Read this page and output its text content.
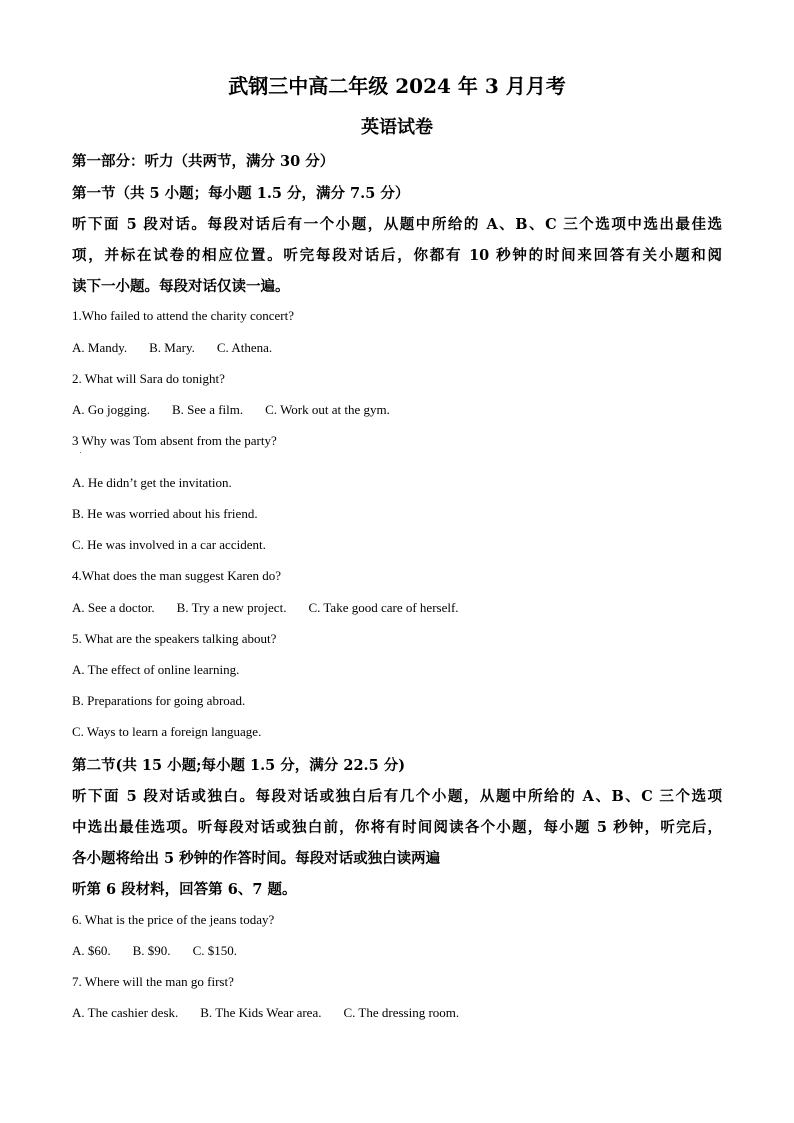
武钢三中高二年级 2024 年 3 月月考
英语试卷
第一部分：听力（共两节，满分 30 分）
第一节（共 5 小题；每小题 1.5 分，满分 7.5 分）
听下面 5 段对话。每段对话后有一个小题，从题中所给的 A、B、C 三个选项中选出最佳选
项，并标在试卷的相应位置。听完每段对话后，你都有 10 秒钟的时间来回答有关小题和阅
读下一小题。每段对话仅读一遍。
1.Who failed to attend the charity concert?
A. Mandy. B. Mary. C. Athena.
2. What will Sara do tonight?
A. Go jogging. B. See a film. C. Work out at the gym.
3 Why was Tom absent from the party?
A. He didn’t get the invitation.
B. He was worried about his friend.
C. He was involved in a car accident.
4.What does the man suggest Karen do?
A. See a doctor. B. Try a new project. C. Take good care of herself.
5. What are the speakers talking about?
A. The effect of online learning.
B. Preparations for going abroad.
C. Ways to learn a foreign language.
第二节(共 15 小题;每小题 1.5 分，满分 22.5 分)
听下面 5 段对话或独白。每段对话或独白后有几个小题，从题中所给的 A、B、C 三个选项
中选出最佳选项。听每段对话或独白前，你将有时间阅读各个小题，每小题 5 秒钟，听完后，
各小题将给出 5 秒钟的作答时间。每段对话或独白读两遍
听第 6 段材料，回答第 6、7 题。
6. What is the price of the jeans today?
A. $60. B. $90. C. $150.
7. Where will the man go first?
A. The cashier desk. B. The Kids Wear area. C. The dressing room.
